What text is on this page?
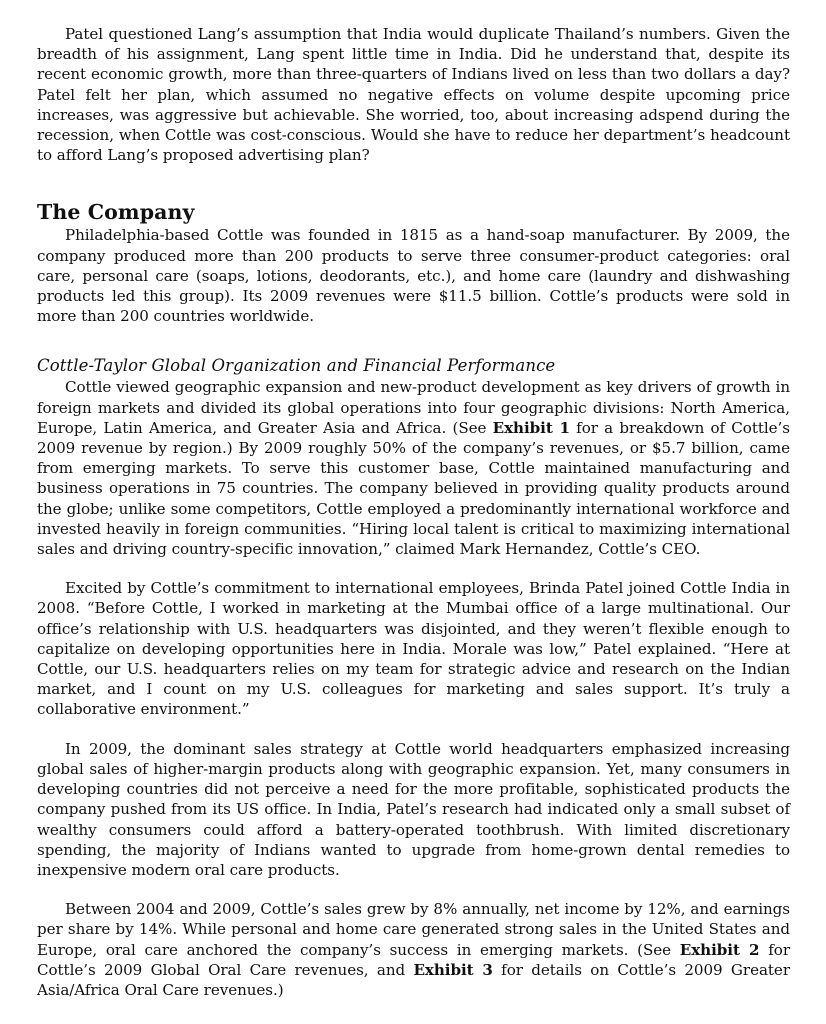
Patel questioned Lang’s assumption that India would duplicate Thailand’s numbers. Given the breadth of his assignment, Lang spent little time in India. Did he understand that, despite its recent economic growth, more than three-quarters of Indians lived on less than two dollars a day? Patel felt her plan, which assumed no negative effects on volume despite upcoming price increases, was aggressive but achievable. She worried, too, about increasing adspend during the recession, when Cottle was cost-conscious. Would she have to reduce her department’s headcount to afford Lang’s proposed advertising plan?

The Company

Philadelphia-based Cottle was founded in 1815 as a hand-soap manufacturer. By 2009, the company produced more than 200 products to serve three consumer-product categories: oral care, personal care (soaps, lotions, deodorants, etc.), and home care (laundry and dishwashing products led this group). Its 2009 revenues were $11.5 billion. Cottle’s products were sold in more than 200 countries worldwide.

Cottle-Taylor Global Organization and Financial Performance

Cottle viewed geographic expansion and new-product development as key drivers of growth in foreign markets and divided its global operations into four geographic divisions: North America, Europe, Latin America, and Greater Asia and Africa. (See Exhibit 1 for a breakdown of Cottle’s 2009 revenue by region.) By 2009 roughly 50% of the company’s revenues, or $5.7 billion, came from emerging markets. To serve this customer base, Cottle maintained manufacturing and business operations in 75 countries. The company believed in providing quality products around the globe; unlike some competitors, Cottle employed a predominantly international workforce and invested heavily in foreign communities. “Hiring local talent is critical to maximizing international sales and driving country-specific innovation,” claimed Mark Hernandez, Cottle’s CEO.

Excited by Cottle’s commitment to international employees, Brinda Patel joined Cottle India in 2008. “Before Cottle, I worked in marketing at the Mumbai office of a large multinational. Our office’s relationship with U.S. headquarters was disjointed, and they weren’t flexible enough to capitalize on developing opportunities here in India. Morale was low,” Patel explained. “Here at Cottle, our U.S. headquarters relies on my team for strategic advice and research on the Indian market, and I count on my U.S. colleagues for marketing and sales support. It’s truly a collaborative environment.”

In 2009, the dominant sales strategy at Cottle world headquarters emphasized increasing global sales of higher-margin products along with geographic expansion. Yet, many consumers in developing countries did not perceive a need for the more profitable, sophisticated products the company pushed from its US office. In India, Patel’s research had indicated only a small subset of wealthy consumers could afford a battery-operated toothbrush. With limited discretionary spending, the majority of Indians wanted to upgrade from home-grown dental remedies to inexpensive modern oral care products.

Between 2004 and 2009, Cottle’s sales grew by 8% annually, net income by 12%, and earnings per share by 14%. While personal and home care generated strong sales in the United States and Europe, oral care anchored the company’s success in emerging markets. (See Exhibit 2 for Cottle’s 2009 Global Oral Care revenues, and Exhibit 3 for details on Cottle’s 2009 Greater Asia/Africa Oral Care revenues.)
